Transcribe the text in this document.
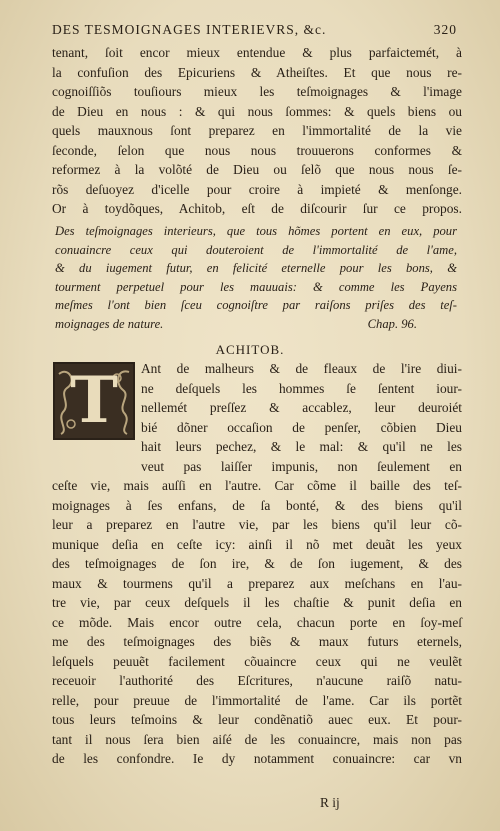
DES TESMOIGNAGES INTERIEVRS, &c.	320
tenant, ſoit encor mieux entendue & plus parfaictemét, à
la confuſion des Epicuriens & Atheiſtes. Et que nous re-
cognoiſſiõs touſiours mieux les teſmoignages & l'image
de Dieu en nous : & qui nous ſommes: & quels biens ou
quels mauxnous ſont preparez en l'immortalité de la vie
ſeconde, ſelon que nous nous trouuerons conformes &
reformez à la volõté de Dieu ou ſelõ que nous nous ſe-
rõs deſuoyez d'icelle pour croire à impieté & menſonge.
Or à toydõques, Achitob, eſt de diſcourir ſur ce propos.
Des teſmoignages interieurs, que tous hõmes portent en eux, pour
conuaincre ceux qui douteroient de l'immortalité de l'ame,
& du iugement futur, en felicité eternelle pour les bons, &
tourment perpetuel pour les mauuais: & comme les Payens
meſmes l'ont bien ſceu cognoiſtre par raiſons priſes des teſ-
moignages de nature.	Chap. 96.
ACHITOB.
T Ant de malheurs & de fleaux de l'ire diui-
ne deſquels les hommes ſe ſentent iour-
nellemét preſſez & accablez, leur deuroiét
bié dõner occaſion de penſer, cõbien Dieu
hait leurs pechez, & le mal: & qu'il ne les
veut pas laiſſer impunis, non ſeulement en
ceſte vie, mais auſſi en l'autre. Car cõme il baille des teſ-
moignages à ſes enfans, de ſa bonté, & des biens qu'il
leur a preparez en l'autre vie, par les biens qu'il leur cõ-
munique deſia en ceſte icy: ainſi il nõ met deuãt les yeux
des teſmoignages de ſon ire, & de ſon iugement, & des
maux & tourmens qu'il a preparez aux meſchans en l'au-
tre vie, par ceux deſquels il les chaſtie & punit deſia en
ce mõde. Mais encor outre cela, chacun porte en ſoy-meſ
me des teſmoignages des biẽs & maux futurs eternels,
leſquels peuuẽt facilement cõuaincre ceux qui ne veulẽt
receuoir l'authorité des Eſcritures, n'aucune raiſõ natu-
relle, pour preuue de l'immortalité de l'ame. Car ils portẽt
tous leurs teſmoins & leur condẽnatiõ auec eux. Et pour-
tant il nous ſera bien aiſé de les conuaincre, mais non pas
de les confondre. Ie dy notamment conuaincre: car vn
R ij
